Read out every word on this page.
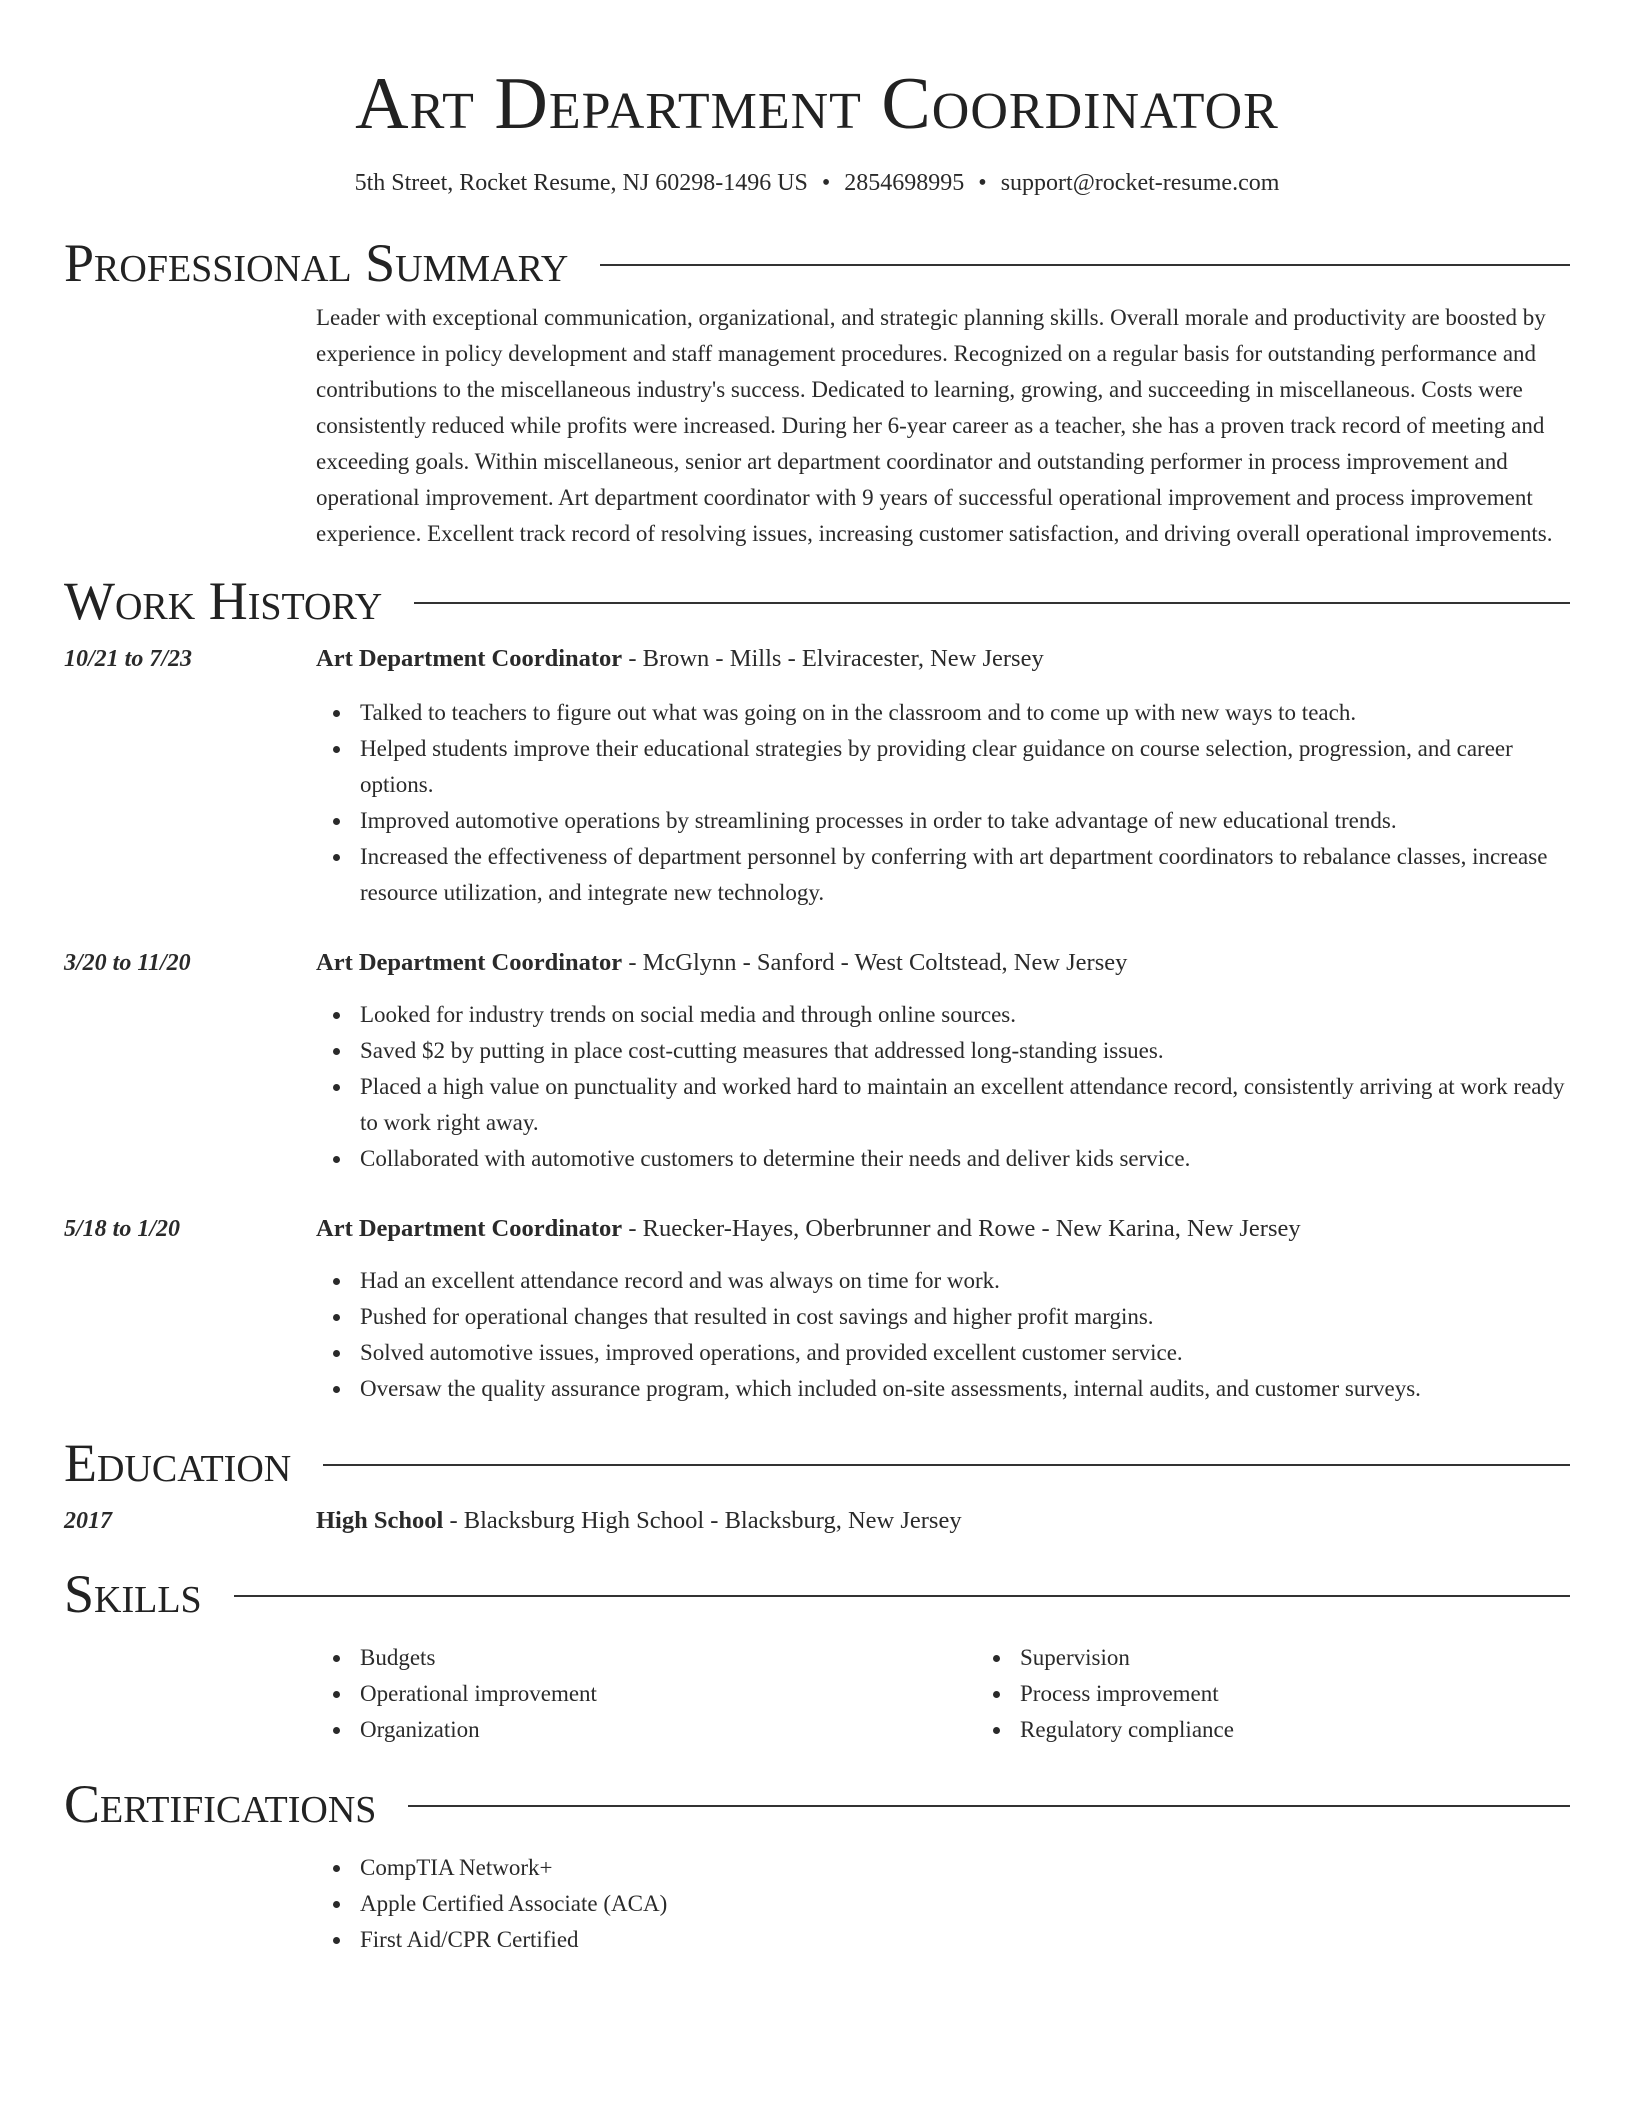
Art Department Coordinator
5th Street, Rocket Resume, NJ 60298-1496 US • 2854698995 • support@rocket-resume.com
Professional Summary

Leader with exceptional communication, organizational, and strategic planning skills. Overall morale and productivity are boosted by experience in policy development and staff management procedures. Recognized on a regular basis for outstanding performance and contributions to the miscellaneous industry's success. Dedicated to learning, growing, and succeeding in miscellaneous. Costs were consistently reduced while profits were increased. During her 6-year career as a teacher, she has a proven track record of meeting and exceeding goals. Within miscellaneous, senior art department coordinator and outstanding performer in process improvement and operational improvement. Art department coordinator with 9 years of successful operational improvement and process improvement experience. Excellent track record of resolving issues, increasing customer satisfaction, and driving overall operational improvements.

Work History
10/21 to 7/23	Art Department Coordinator - Brown - Mills - Elviracester, New Jersey
Talked to teachers to figure out what was going on in the classroom and to come up with new ways to teach.
Helped students improve their educational strategies by providing clear guidance on course selection, progression, and career options.
Improved automotive operations by streamlining processes in order to take advantage of new educational trends.
Increased the effectiveness of department personnel by conferring with art department coordinators to rebalance classes, increase resource utilization, and integrate new technology.
3/20 to 11/20	Art Department Coordinator - McGlynn - Sanford - West Coltstead, New Jersey
Looked for industry trends on social media and through online sources.
Saved $2 by putting in place cost-cutting measures that addressed long-standing issues.
Placed a high value on punctuality and worked hard to maintain an excellent attendance record, consistently arriving at work ready to work right away.
Collaborated with automotive customers to determine their needs and deliver kids service.
5/18 to 1/20	Art Department Coordinator - Ruecker-Hayes, Oberbrunner and Rowe - New Karina, New Jersey
Had an excellent attendance record and was always on time for work.
Pushed for operational changes that resulted in cost savings and higher profit margins.
Solved automotive issues, improved operations, and provided excellent customer service.
Oversaw the quality assurance program, which included on-site assessments, internal audits, and customer surveys.
Education
2017	High School - Blacksburg High School - Blacksburg, New Jersey
Skills
Budgets
Operational improvement
Organization
Supervision
Process improvement
Regulatory compliance
Certifications
CompTIA Network+
Apple Certified Associate (ACA)
First Aid/CPR Certified
